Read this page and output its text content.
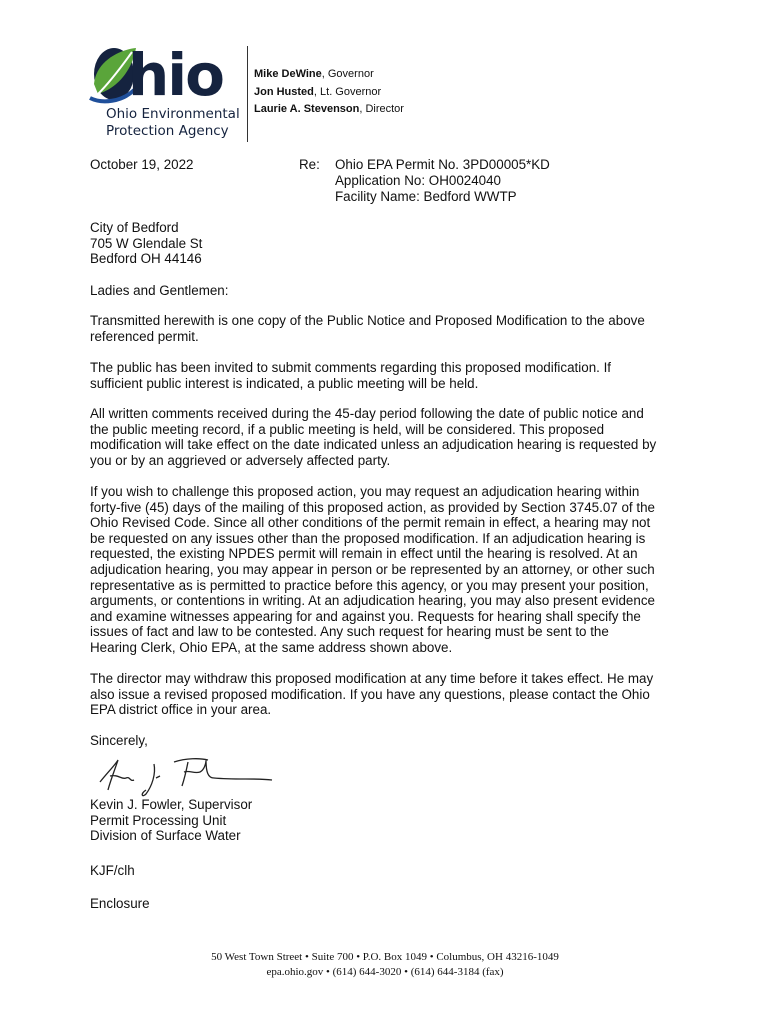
hio
Ohio Environmental
Protection Agency
Mike DeWine, Governor
Jon Husted, Lt. Governor
Laurie A. Stevenson, Director
October 19, 2022	Re: Ohio EPA Permit No. 3PD00005*KD
Application No: OH0024040
Facility Name: Bedford WWTP
City of Bedford
705 W Glendale St
Bedford OH 44146
Ladies and Gentlemen:
Transmitted herewith is one copy of the Public Notice and Proposed Modification to the above
referenced permit.
The public has been invited to submit comments regarding this proposed modification. If
sufficient public interest is indicated, a public meeting will be held.
All written comments received during the 45-day period following the date of public notice and
the public meeting record, if a public meeting is held, will be considered. This proposed
modification will take effect on the date indicated unless an adjudication hearing is requested by
you or by an aggrieved or adversely affected party.
If you wish to challenge this proposed action, you may request an adjudication hearing within
forty-five (45) days of the mailing of this proposed action, as provided by Section 3745.07 of the
Ohio Revised Code. Since all other conditions of the permit remain in effect, a hearing may not
be requested on any issues other than the proposed modification. If an adjudication hearing is
requested, the existing NPDES permit will remain in effect until the hearing is resolved. At an
adjudication hearing, you may appear in person or be represented by an attorney, or other such
representative as is permitted to practice before this agency, or you may present your position,
arguments, or contentions in writing. At an adjudication hearing, you may also present evidence
and examine witnesses appearing for and against you. Requests for hearing shall specify the
issues of fact and law to be contested. Any such request for hearing must be sent to the
Hearing Clerk, Ohio EPA, at the same address shown above.
The director may withdraw this proposed modification at any time before it takes effect. He may
also issue a revised proposed modification. If you have any questions, please contact the Ohio
EPA district office in your area.
Sincerely,
Kevin J. Fowler, Supervisor
Permit Processing Unit
Division of Surface Water
KJF/clh
Enclosure
50 West Town Street • Suite 700 • P.O. Box 1049 • Columbus, OH 43216-1049
epa.ohio.gov • (614) 644-3020 • (614) 644-3184 (fax)
